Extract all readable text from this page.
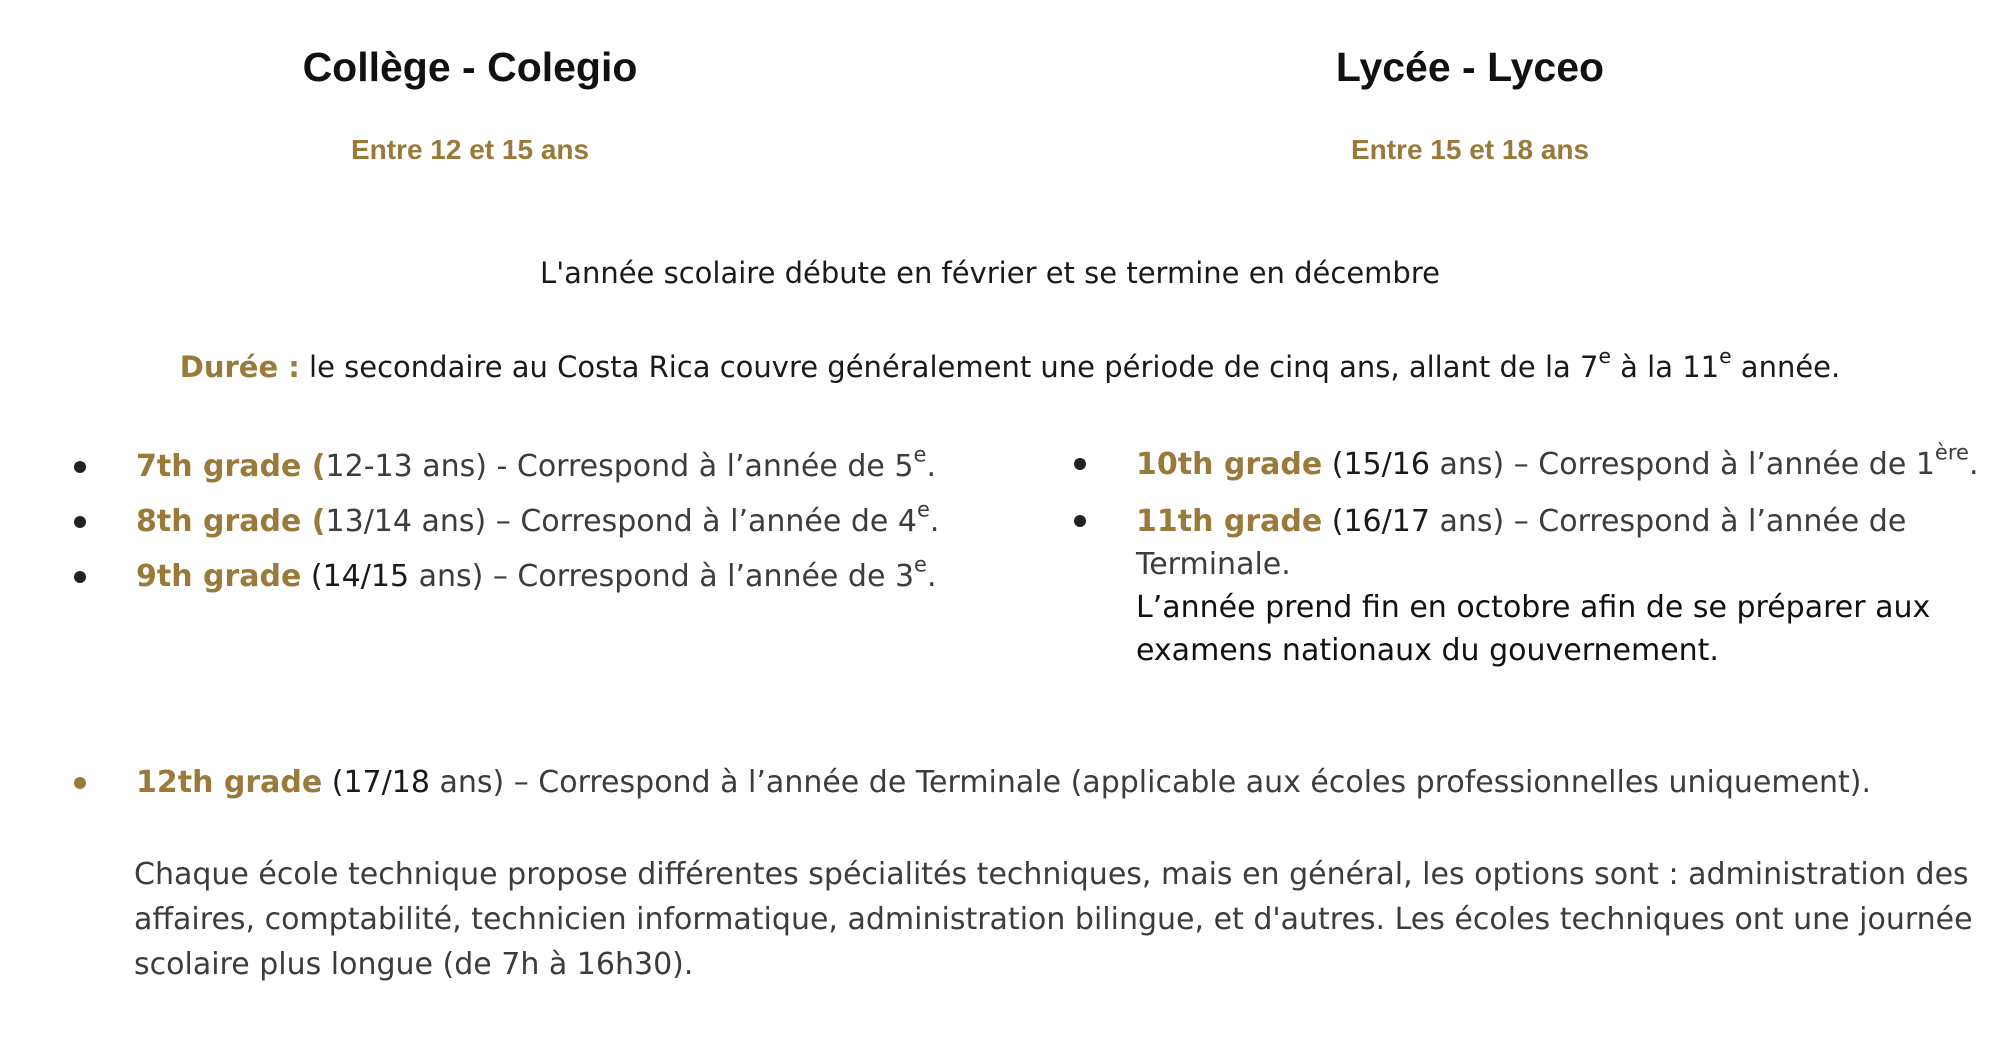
Collège - Colegio
Entre 12 et 15 ans
Lycée - Lyceo
Entre 15 et 18 ans
L'année scolaire débute en février et se termine en décembre
Durée : le secondaire au Costa Rica couvre généralement une période de cinq ans, allant de la 7e à la 11e année.
7th grade (12-13 ans) - Correspond à l’année de 5e.
8th grade (13/14 ans) – Correspond à l’année de 4e.
9th grade (14/15 ans) – Correspond à l’année de 3e.
10th grade (15/16 ans) – Correspond à l’année de 1ère.
11th grade (16/17 ans) – Correspond à l’année de Terminale.
L’année prend fin en octobre afin de se préparer aux examens nationaux du gouvernement.
12th grade (17/18 ans) – Correspond à l’année de Terminale (applicable aux écoles professionnelles uniquement).
Chaque école technique propose différentes spécialités techniques, mais en général, les options sont : administration des affaires, comptabilité, technicien informatique, administration bilingue, et d'autres. Les écoles techniques ont une journée scolaire plus longue (de 7h à 16h30).
